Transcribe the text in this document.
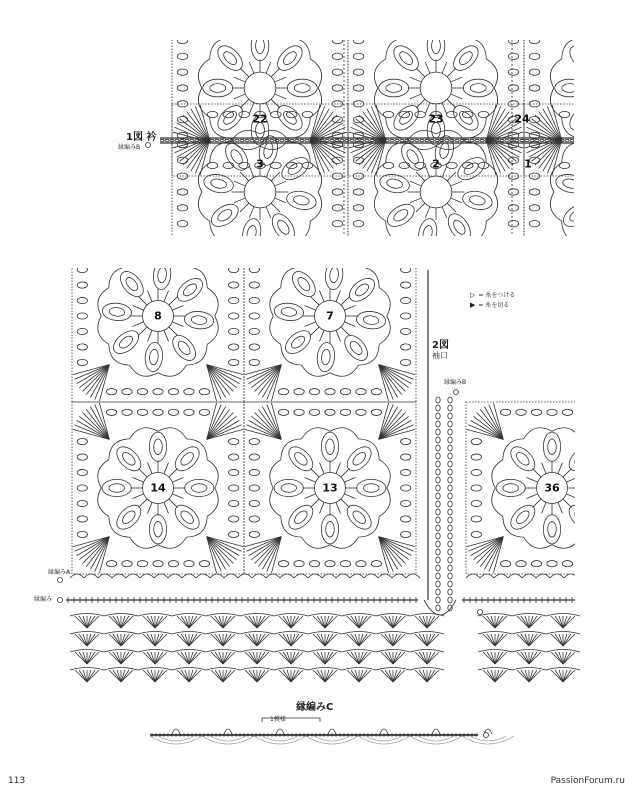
1図 衿
縁編みB
2図
袖口
縁編みB
縁編みA
縁編み
▷ = 糸をつける
▶ = 糸を切る
縁編みC
1模様
22	23	24
3	2	1
8	7
14	13	36
113	PassionForum.ru
